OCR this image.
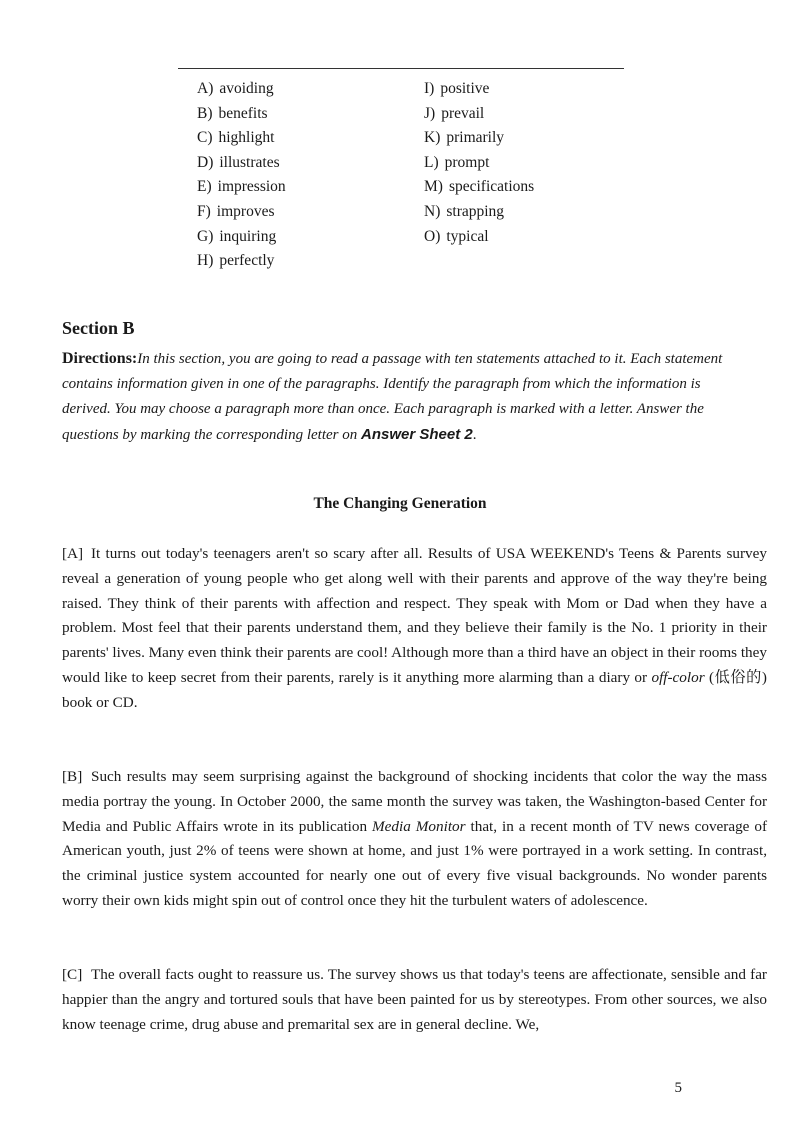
A) avoiding
B) benefits
C) highlight
D) illustrates
E) impression
F) improves
G) inquiring
H) perfectly
I) positive
J) prevail
K) primarily
L) prompt
M) specifications
N) strapping
O) typical
Section B
Directions:In this section, you are going to read a passage with ten statements attached to it. Each statement contains information given in one of the paragraphs. Identify the paragraph from which the information is derived. You may choose a paragraph more than once. Each paragraph is marked with a letter. Answer the questions by marking the corresponding letter on Answer Sheet 2.
The Changing Generation
[A] It turns out today's teenagers aren't so scary after all. Results of USA WEEKEND's Teens & Parents survey reveal a generation of young people who get along well with their parents and approve of the way they're being raised. They think of their parents with affection and respect. They speak with Mom or Dad when they have a problem. Most feel that their parents understand them, and they believe their family is the No. 1 priority in their parents' lives. Many even think their parents are cool! Although more than a third have an object in their rooms they would like to keep secret from their parents, rarely is it anything more alarming than a diary or off-color (低俗的) book or CD.
[B] Such results may seem surprising against the background of shocking incidents that color the way the mass media portray the young. In October 2000, the same month the survey was taken, the Washington-based Center for Media and Public Affairs wrote in its publication Media Monitor that, in a recent month of TV news coverage of American youth, just 2% of teens were shown at home, and just 1% were portrayed in a work setting. In contrast, the criminal justice system accounted for nearly one out of every five visual backgrounds. No wonder parents worry their own kids might spin out of control once they hit the turbulent waters of adolescence.
[C] The overall facts ought to reassure us. The survey shows us that today's teens are affectionate, sensible and far happier than the angry and tortured souls that have been painted for us by stereotypes. From other sources, we also know teenage crime, drug abuse and premarital sex are in general decline. We,
5
